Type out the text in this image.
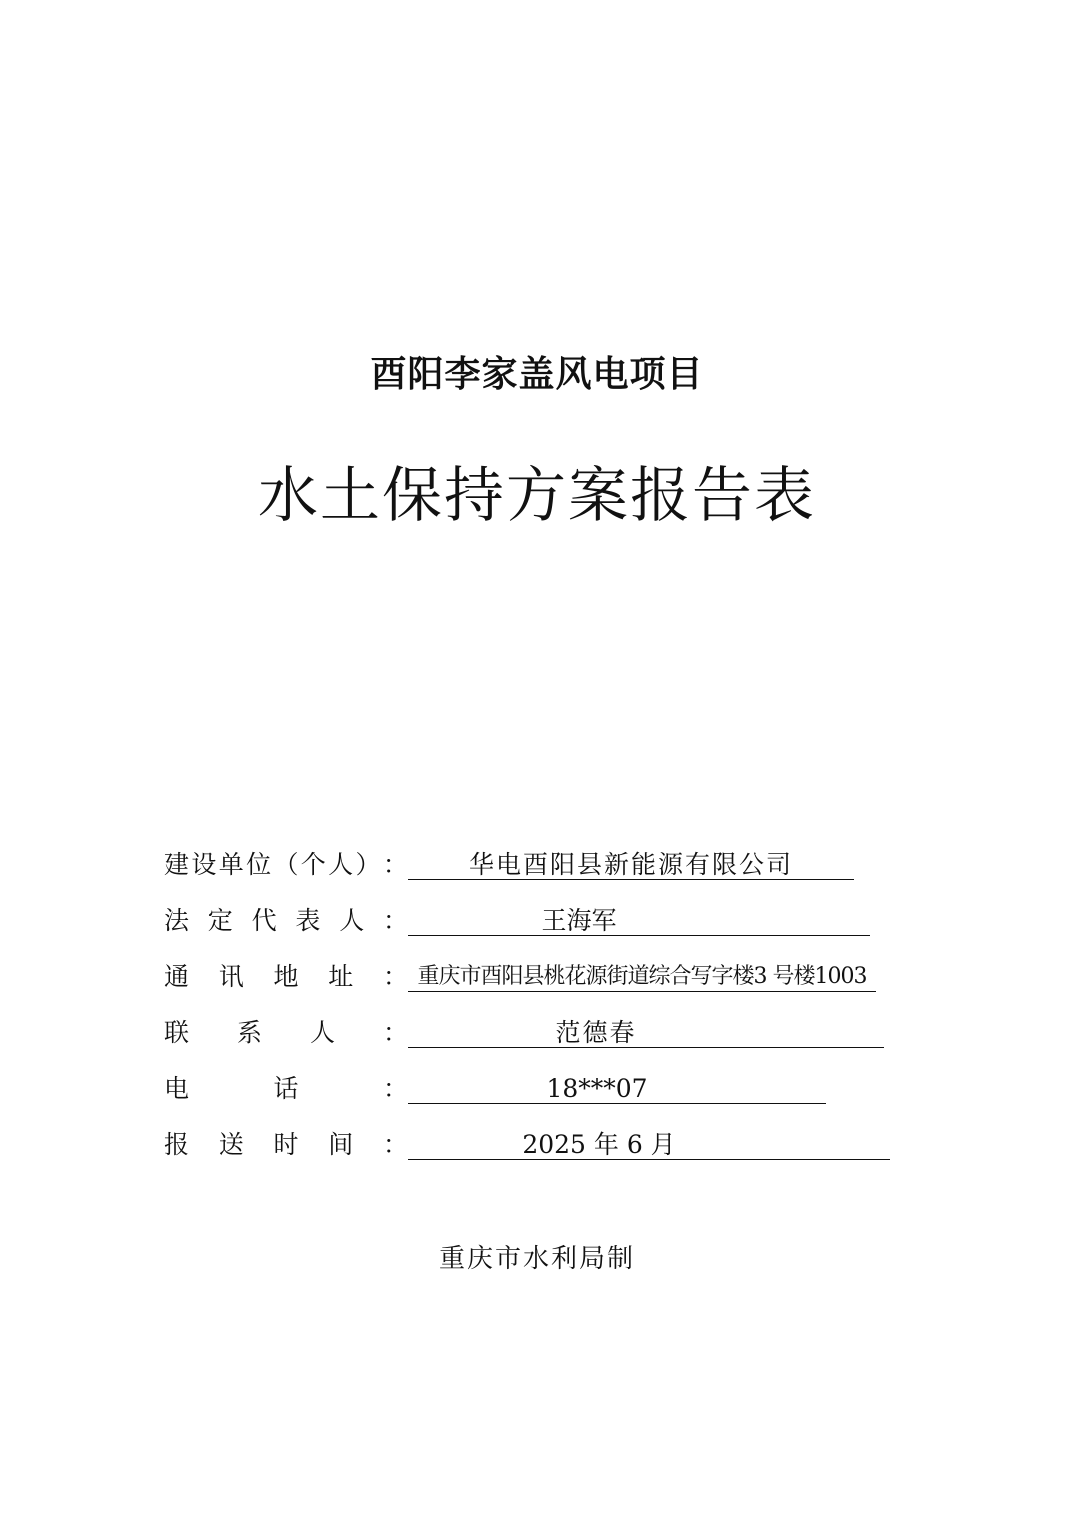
酉阳李家盖风电项目
水土保持方案报告表
建 设 单 位 （ 个 人 ） ：	华电酉阳县新能源有限公司
法 定 代 表 人 ：	王海军
通 讯 地 址 ： 重庆市酉阳县桃花源街道综合写字楼3 号楼1003
联 系 人 ：	范德春
电	话	：	18***07
报 送 时 间 ：	2025 年 6 月
重庆市水利局制
